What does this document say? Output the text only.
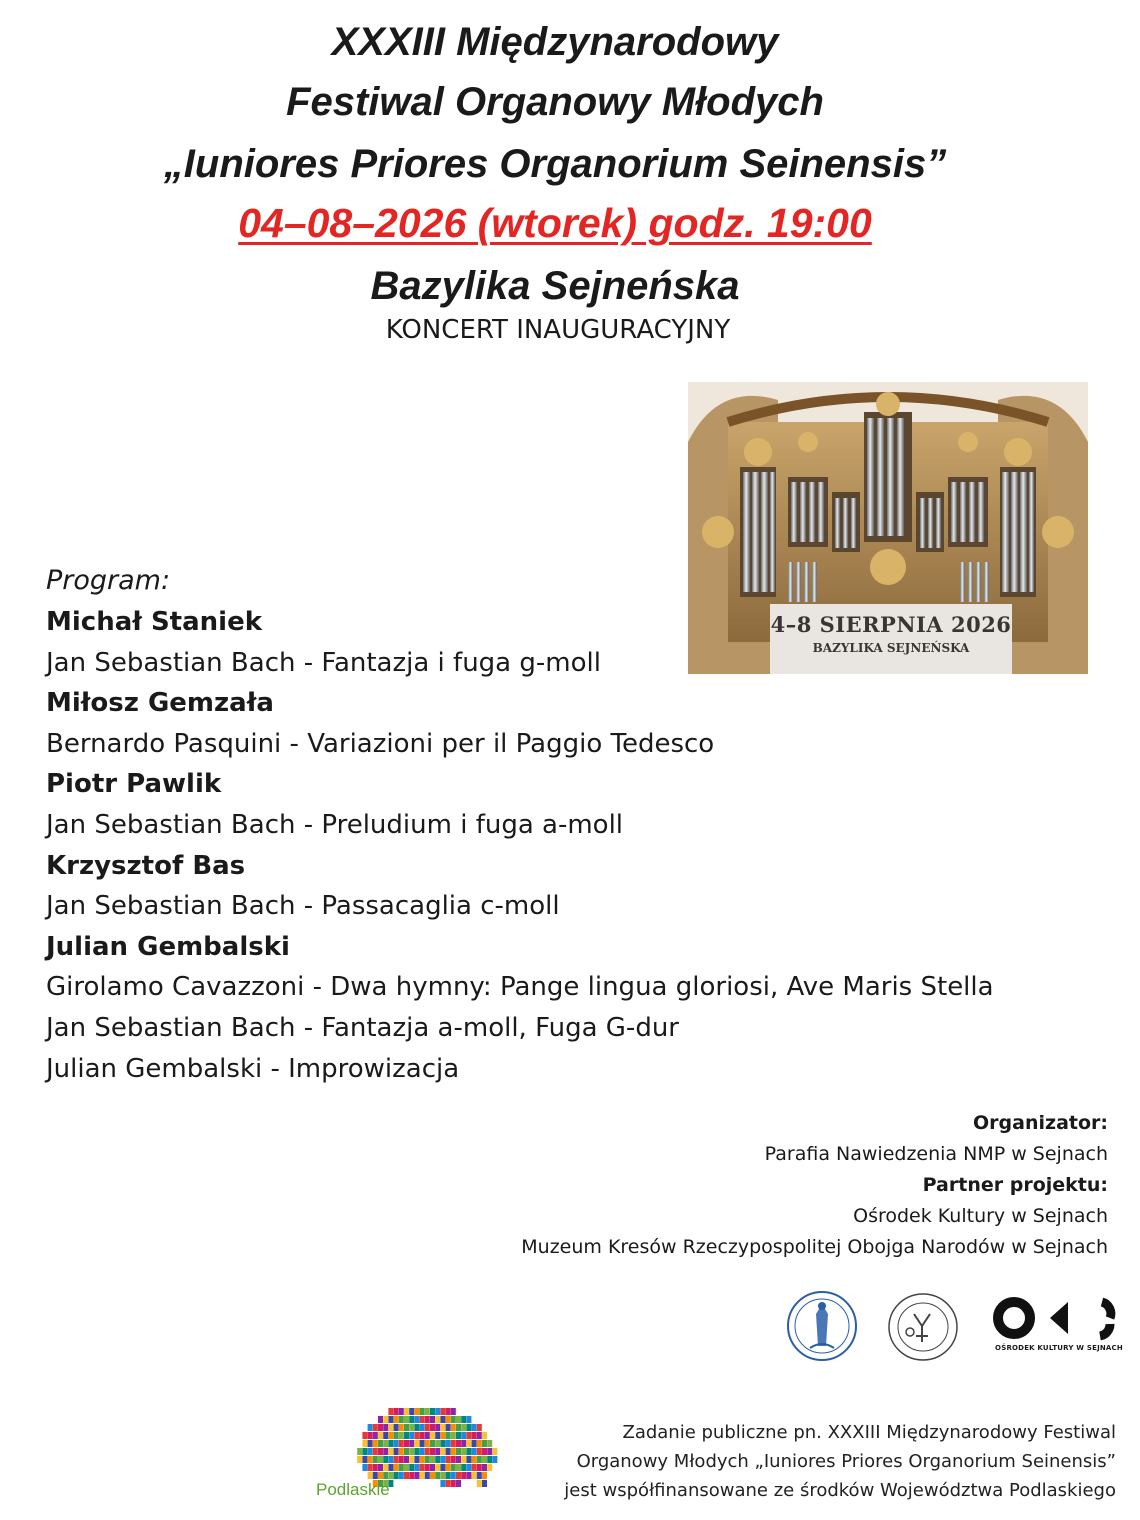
XXXIII Międzynarodowy
Festiwal Organowy Młodych
„Iuniores Priores Organorium Seinensis”
04–08–2026 (wtorek) godz. 19:00
Bazylika Sejneńska
KONCERT INAUGURACYJNY
4–8 SIERPNIA 2026
BAZYLIKA SEJNEŃSKA
Program:
Michał Staniek
Jan Sebastian Bach - Fantazja i fuga g-moll
Miłosz Gemzała
Bernardo Pasquini - Variazioni per il Paggio Tedesco
Piotr Pawlik
Jan Sebastian Bach - Preludium i fuga a-moll
Krzysztof Bas
Jan Sebastian Bach - Passacaglia c-moll
Julian Gembalski
Girolamo Cavazzoni - Dwa hymny: Pange lingua gloriosi, Ave Maris Stella
Jan Sebastian Bach - Fantazja a-moll, Fuga G-dur
Julian Gembalski - Improwizacja
Organizator:
Parafia Nawiedzenia NMP w Sejnach
Partner projektu:
Ośrodek Kultury w Sejnach
Muzeum Kresów Rzeczypospolitej Obojga Narodów w Sejnach
OŚRODEK KULTURY W SEJNACH
Podlaskie
Zadanie publiczne pn. XXXIII Międzynarodowy Festiwal
Organowy Młodych „Iuniores Priores Organorium Seinensis”
jest współfinansowane ze środków Województwa Podlaskiego
